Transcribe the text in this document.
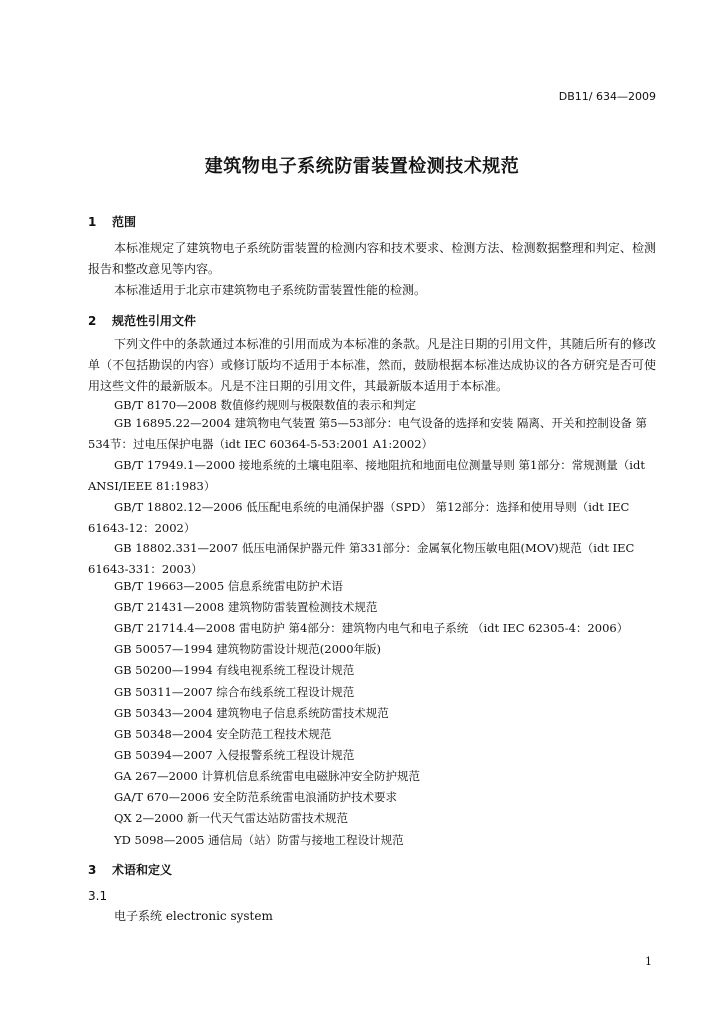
DB11/ 634—2009
建筑物电子系统防雷装置检测技术规范
1 范围
本标准规定了建筑物电子系统防雷装置的检测内容和技术要求、检测方法、检测数据整理和判定、检测报告和整改意见等内容。
本标准适用于北京市建筑物电子系统防雷装置性能的检测。
2 规范性引用文件
下列文件中的条款通过本标准的引用而成为本标准的条款。凡是注日期的引用文件，其随后所有的修改单（不包括勘误的内容）或修订版均不适用于本标准，然而，鼓励根据本标准达成协议的各方研究是否可使用这些文件的最新版本。凡是不注日期的引用文件，其最新版本适用于本标准。
GB/T 8170—2008 数值修约规则与极限数值的表示和判定
GB 16895.22—2004 建筑物电气装置 第5—53部分：电气设备的选择和安装 隔离、开关和控制设备 第534节：过电压保护电器（idt IEC 60364-5-53:2001 A1:2002）
GB/T 17949.1—2000 接地系统的土壤电阻率、接地阻抗和地面电位测量导则 第1部分：常规测量（idt ANSI/IEEE 81:1983）
GB/T 18802.12—2006 低压配电系统的电涌保护器（SPD） 第12部分：选择和使用导则（idt IEC 61643-12：2002）
GB 18802.331—2007 低压电涌保护器元件 第331部分：金属氧化物压敏电阻(MOV)规范（idt IEC 61643-331：2003）
GB/T 19663—2005 信息系统雷电防护术语
GB/T 21431—2008 建筑物防雷装置检测技术规范
GB/T 21714.4—2008 雷电防护 第4部分：建筑物内电气和电子系统 （idt IEC 62305-4：2006）
GB 50057—1994 建筑物防雷设计规范(2000年版)
GB 50200—1994 有线电视系统工程设计规范
GB 50311—2007 综合布线系统工程设计规范
GB 50343—2004 建筑物电子信息系统防雷技术规范
GB 50348—2004 安全防范工程技术规范
GB 50394—2007 入侵报警系统工程设计规范
GA 267—2000 计算机信息系统雷电电磁脉冲安全防护规范
GA/T 670—2006 安全防范系统雷电浪涌防护技术要求
QX 2—2000 新一代天气雷达站防雷技术规范
YD 5098—2005 通信局（站）防雷与接地工程设计规范
3 术语和定义
3.1
电子系统 electronic system
1
